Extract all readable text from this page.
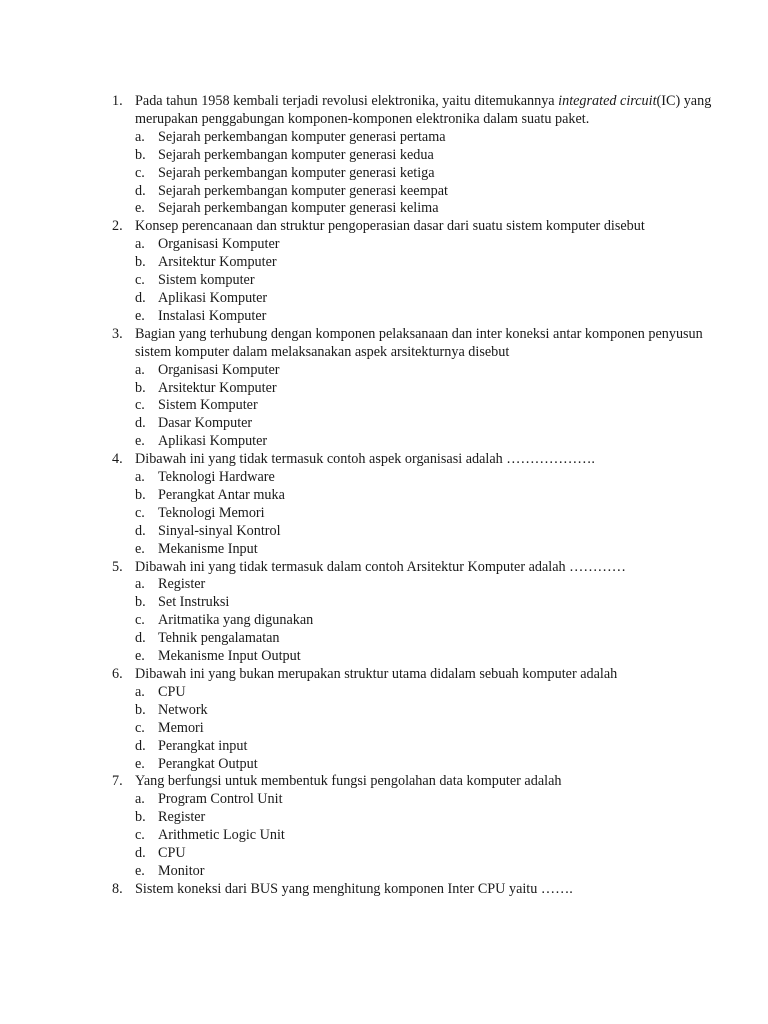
1. Pada tahun 1958 kembali terjadi revolusi elektronika, yaitu ditemukannya integrated circuit(IC) yang merupakan penggabungan komponen-komponen elektronika dalam suatu paket.
a. Sejarah perkembangan komputer generasi pertama
b. Sejarah perkembangan komputer generasi kedua
c. Sejarah perkembangan komputer generasi ketiga
d. Sejarah perkembangan komputer generasi keempat
e. Sejarah perkembangan komputer generasi kelima
2. Konsep perencanaan dan struktur pengoperasian dasar dari suatu sistem komputer disebut
a. Organisasi Komputer
b. Arsitektur Komputer
c. Sistem komputer
d. Aplikasi Komputer
e. Instalasi Komputer
3. Bagian yang terhubung dengan komponen pelaksanaan dan inter koneksi antar komponen penyusun sistem komputer dalam melaksanakan aspek arsitekturnya disebut
a. Organisasi Komputer
b. Arsitektur Komputer
c. Sistem Komputer
d. Dasar Komputer
e. Aplikasi Komputer
4. Dibawah ini yang tidak termasuk contoh aspek organisasi adalah ……………….
a. Teknologi Hardware
b. Perangkat Antar muka
c. Teknologi Memori
d. Sinyal-sinyal Kontrol
e. Mekanisme Input
5. Dibawah ini yang tidak termasuk dalam contoh Arsitektur Komputer adalah …………
a. Register
b. Set Instruksi
c. Aritmatika yang digunakan
d. Tehnik pengalamatan
e. Mekanisme Input Output
6. Dibawah ini yang bukan merupakan struktur utama didalam sebuah komputer adalah
a. CPU
b. Network
c. Memori
d. Perangkat input
e. Perangkat Output
7. Yang berfungsi untuk membentuk fungsi pengolahan data komputer adalah
a. Program Control Unit
b. Register
c. Arithmetic Logic Unit
d. CPU
e. Monitor
8. Sistem koneksi dari BUS yang menghitung komponen Inter CPU yaitu …….
